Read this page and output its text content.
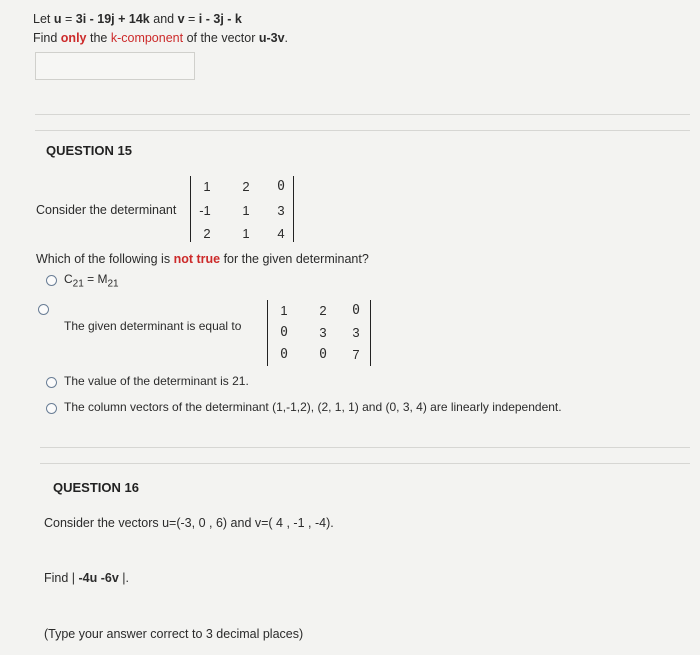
Let u = 3i - 19j + 14k and v = i - 3j - k
Find only the k-component of the vector u-3v.
QUESTION 15
Consider the determinant
1	2	0
-1	1	3
2	1	4
Which of the following is not true for the given determinant?
$C_{21} = M_{21}$
The given determinant is equal to
1	2	0
0	3	3
0	0	7
The value of the determinant is 21.
The column vectors of the determinant (1,-1,2), (2, 1, 1) and (0, 3, 4) are linearly independent.
QUESTION 16
Consider the vectors u=(-3, 0 , 6) and v=( 4 , -1 , -4).
Find | -4u -6v |.
(Type your answer correct to 3 decimal places)
